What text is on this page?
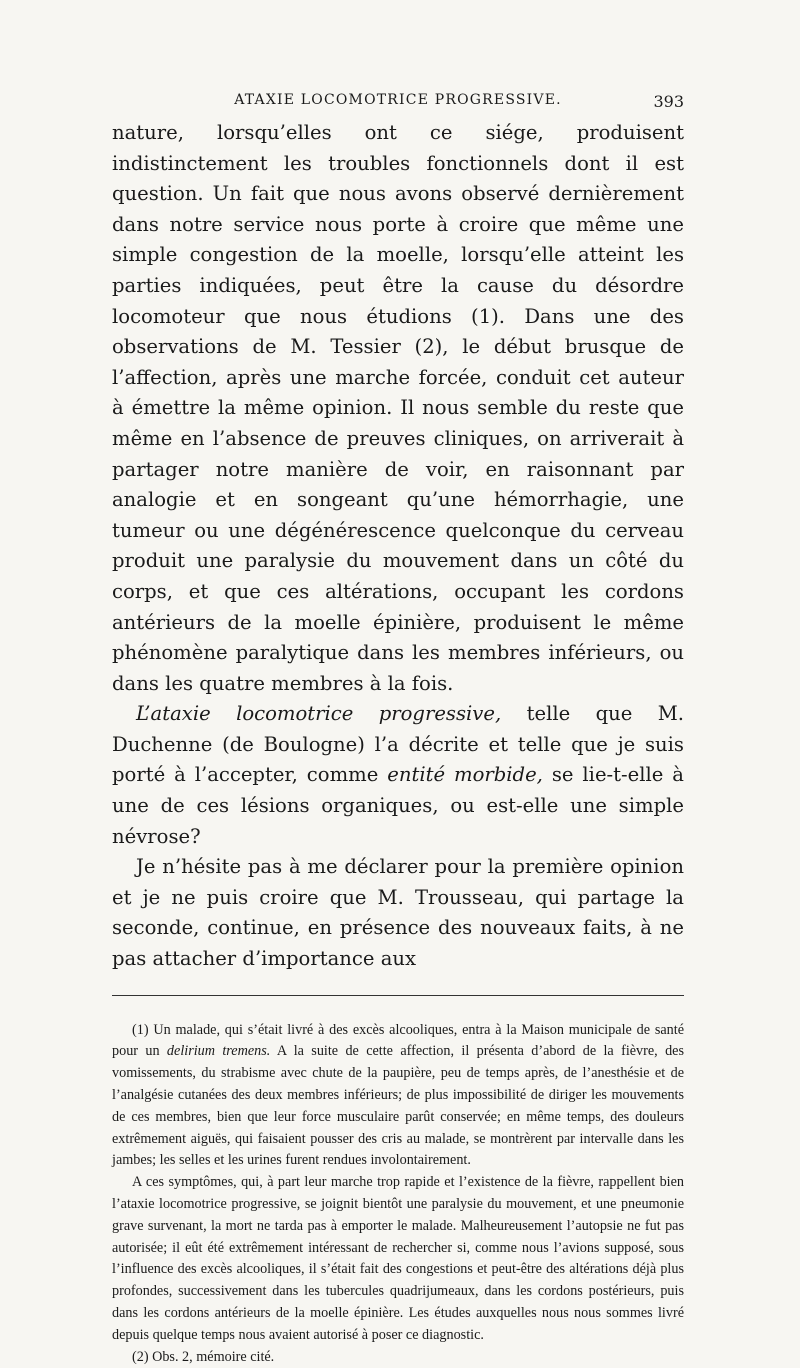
ATAXIE LOCOMOTRICE PROGRESSIVE.	393

nature, lorsqu’elles ont ce siége, produisent indistinctement les troubles fonctionnels dont il est question. Un fait que nous avons observé dernièrement dans notre service nous porte à croire que même une simple congestion de la moelle, lorsqu’elle atteint les parties indiquées, peut être la cause du désordre locomoteur que nous étudions (1). Dans une des observations de M. Tessier (2), le début brusque de l’affection, après une marche forcée, conduit cet auteur à émettre la même opinion. Il nous semble du reste que même en l’absence de preuves cliniques, on arriverait à partager notre manière de voir, en raisonnant par analogie et en songeant qu’une hémorrhagie, une tumeur ou une dégénérescence quelconque du cerveau produit une paralysie du mouvement dans un côté du corps, et que ces altérations, occupant les cordons antérieurs de la moelle épinière, produisent le même phénomène paralytique dans les membres inférieurs, ou dans les quatre membres à la fois.

L’ataxie locomotrice progressive, telle que M. Duchenne (de Boulogne) l’a décrite et telle que je suis porté à l’accepter, comme entité morbide, se lie-t-elle à une de ces lésions organiques, ou est-elle une simple névrose?

Je n’hésite pas à me déclarer pour la première opinion et je ne puis croire que M. Trousseau, qui partage la seconde, continue, en présence des nouveaux faits, à ne pas attacher d’importance aux

(1) Un malade, qui s’était livré à des excès alcooliques, entra à la Maison municipale de santé pour un delirium tremens. A la suite de cette affection, il présenta d’abord de la fièvre, des vomissements, du strabisme avec chute de la paupière, peu de temps après, de l’anesthésie et de l’analgésie cutanées des deux membres inférieurs; de plus impossibilité de diriger les mouvements de ces membres, bien que leur force musculaire parût conservée; en même temps, des douleurs extrêmement aiguës, qui faisaient pousser des cris au malade, se montrèrent par intervalle dans les jambes; les selles et les urines furent rendues involontairement.

A ces symptômes, qui, à part leur marche trop rapide et l’existence de la fièvre, rappellent bien l’ataxie locomotrice progressive, se joignit bientôt une paralysie du mouvement, et une pneumonie grave survenant, la mort ne tarda pas à emporter le malade. Malheureusement l’autopsie ne fut pas autorisée; il eût été extrêmement intéressant de rechercher si, comme nous l’avions supposé, sous l’influence des excès alcooliques, il s’était fait des congestions et peut-être des altérations déjà plus profondes, successivement dans les tubercules quadrijumeaux, dans les cordons postérieurs, puis dans les cordons antérieurs de la moelle épinière. Les études auxquelles nous nous sommes livré depuis quelque temps nous avaient autorisé à poser ce diagnostic.

(2) Obs. 2, mémoire cité.
